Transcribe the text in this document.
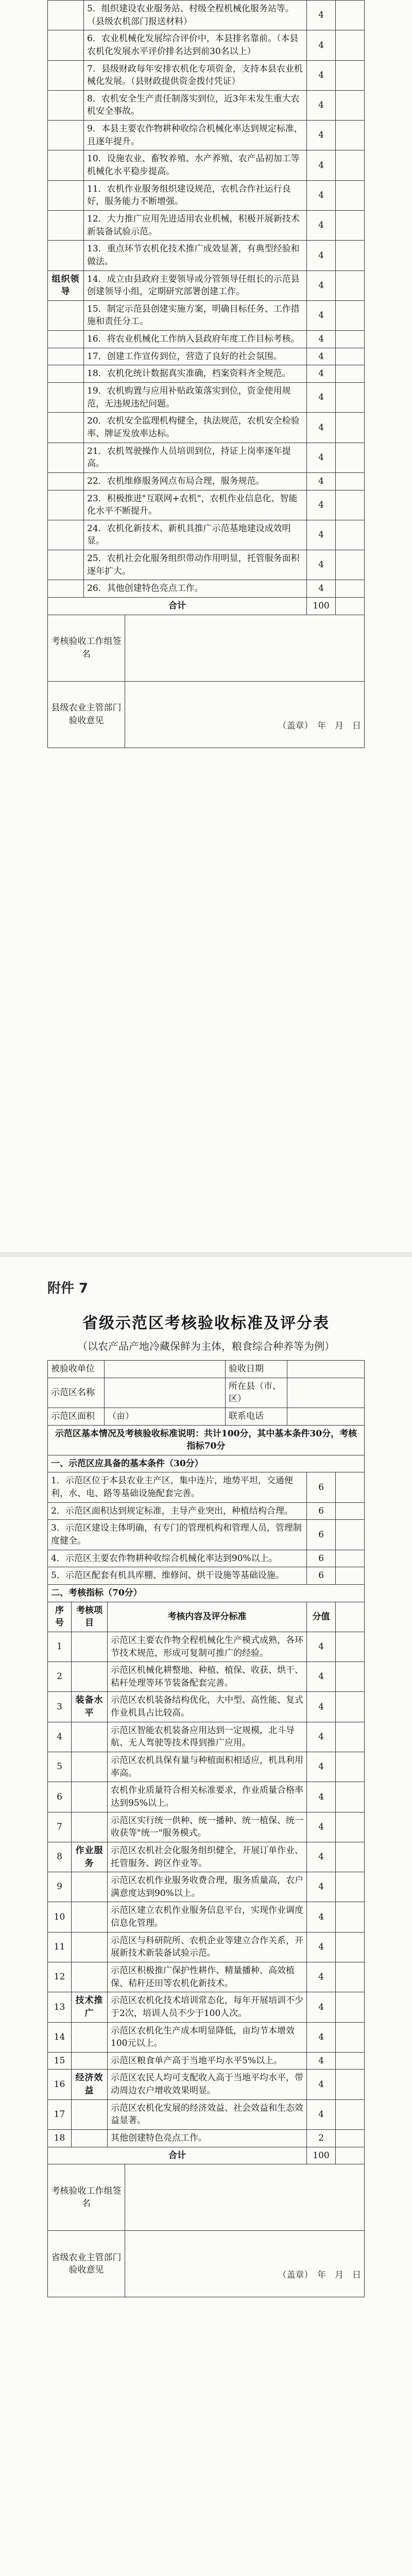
	5．组织建设农业服务站、村级全程机械化服务站等。（县级农机部门报送材料）	4	
	6．农业机械化发展综合评价中，本县排名靠前。（本县农机化发展水平评价排名达到前30名以上）	4	
	7．县级财政每年安排农机化专项资金，支持本县农业机械化发展。（县财政提供资金拨付凭证）	4	
	8．农机安全生产责任制落实到位，近3年未发生重大农机安全事故。	4	
	9．本县主要农作物耕种收综合机械化率达到规定标准，且逐年提升。	4	
	10．设施农业、畜牧养殖、水产养殖、农产品初加工等机械化水平稳步提高。	4	
	11．农机作业服务组织建设规范，农机合作社运行良好，服务能力不断增强。	4	
	12．大力推广应用先进适用农业机械，积极开展新技术新装备试验示范。	4	
	13．重点环节农机化技术推广成效显著，有典型经验和做法。	4	
组织领导	14．成立由县政府主要领导或分管领导任组长的示范县创建领导小组，定期研究部署创建工作。	4	
	15．制定示范县创建实施方案，明确目标任务、工作措施和责任分工。	4	
	16．将农业机械化工作纳入县政府年度工作目标考核。	4	
	17．创建工作宣传到位，营造了良好的社会氛围。	4	
	18．农机化统计数据真实准确，档案资料齐全规范。	4	
	19．农机购置与应用补贴政策落实到位，资金使用规范，无违规违纪问题。	4	
	20．农机安全监理机构健全，执法规范，农机安全检验率、牌证发放率达标。	4	
	21．农机驾驶操作人员培训到位，持证上岗率逐年提高。	4	
	22．农机维修服务网点布局合理，服务规范。	4	
	23．积极推进"互联网+农机"，农机作业信息化、智能化水平不断提升。	4	
	24．农机化新技术、新机具推广示范基地建设成效明显。	4	
	25．农机社会化服务组织带动作用明显，托管服务面积逐年扩大。	4	
	26．其他创建特色亮点工作。	4	
合计		100	
考核验收工作组签名	
县级农业主管部门验收意见	（盖章）　年　月　日
附件 7
省级示范区考核验收标准及评分表
（以农产品产地冷藏保鲜为主体，粮食综合种养等为例）
被验收单位		验收日期	
示范区名称		所在县（市、区）	
示范区面积	（亩）	联系电话	
示范区基本情况及考核验收标准说明：共计100分，其中基本条件30分，考核指标70分
一、示范区应具备的基本条件（30分）		
1．示范区位于本县农业主产区，集中连片，地势平坦，交通便利，水、电、路等基础设施配套完善。	6	
2．示范区面积达到规定标准，主导产业突出，种植结构合理。	6	
3．示范区建设主体明确，有专门的管理机构和管理人员，管理制度健全。	6	
4．示范区主要农作物耕种收综合机械化率达到90%以上。	6	
5．示范区配套有机具库棚、维修间、烘干设施等基础设施。	6	
二、考核指标（70分）		
序号	考核项目	考核内容及评分标准	分值	
1		示范区主要农作物全程机械化生产模式成熟，各环节技术规范，形成可复制可推广的经验。	4	
2		示范区机械化耕整地、种植、植保、收获、烘干、秸秆处理等环节装备配套完善。	4	
3	装备水平	示范区农机装备结构优化，大中型、高性能、复式作业机具占比较高。	4	
4		示范区智能农机装备应用达到一定规模，北斗导航、无人驾驶等技术得到推广应用。	4	
5		示范区农机具保有量与种植面积相适应，机具利用率高。	4	
6		农机作业质量符合相关标准要求，作业质量合格率达到95%以上。	4	
7		示范区实行统一供种、统一播种、统一植保、统一收获等"统一"服务模式。	4	
8	作业服务	示范区农机社会化服务组织健全，开展订单作业、托管服务、跨区作业等。	4	
9		示范区农机作业服务收费合理，服务质量高，农户满意度达到90%以上。	4	
10		示范区建立农机作业服务信息平台，实现作业调度信息化管理。	4	
11		示范区与科研院所、农机企业等建立合作关系，开展新技术新装备试验示范。	4	
12		示范区积极推广保护性耕作、精量播种、高效植保、秸秆还田等农机化新技术。	4	
13	技术推广	示范区农机化技术培训常态化，每年开展培训不少于2次，培训人员不少于100人次。	4	
14		示范区农机化生产成本明显降低，亩均节本增效100元以上。	4	
15		示范区粮食单产高于当地平均水平5%以上。	4	
16	经济效益	示范区农民人均可支配收入高于当地平均水平，带动周边农户增收效果明显。	4	
17		示范区农机化发展的经济效益、社会效益和生态效益显著。	4	
18		其他创建特色亮点工作。	2	
合计			100	
考核验收工作组签名	
省级农业主管部门验收意见	（盖章）　年　月　日
